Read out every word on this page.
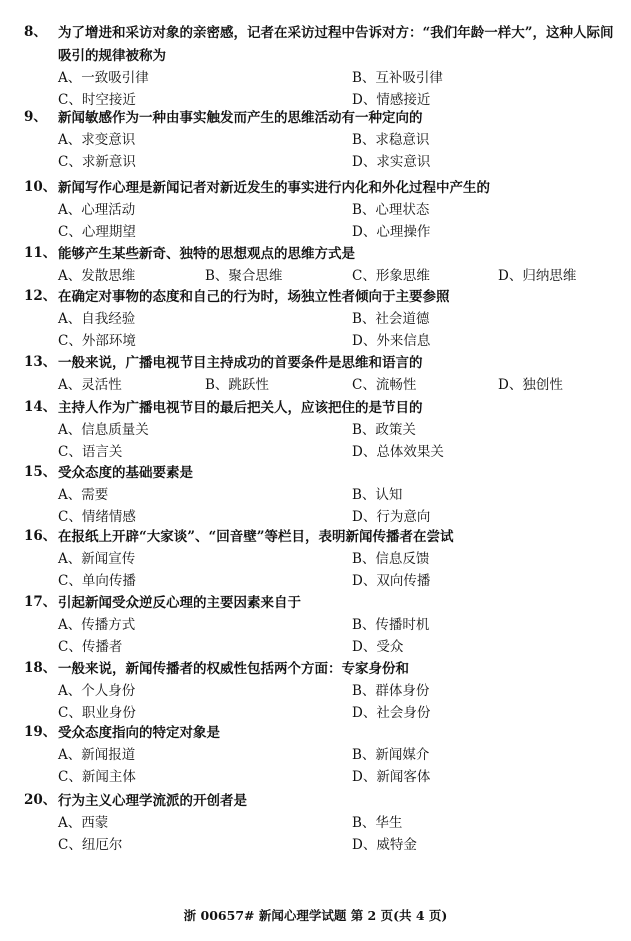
8、 为了增进和采访对象的亲密感，记者在采访过程中告诉对方：“我们年龄一样大”，这种人际间吸引的规律被称为
A、一致吸引律	B、互补吸引律
C、时空接近	D、情感接近
9、 新闻敏感作为一种由事实触发而产生的思维活动有一种定向的
A、求变意识	B、求稳意识
C、求新意识	D、求实意识
10、 新闻写作心理是新闻记者对新近发生的事实进行内化和外化过程中产生的
A、心理活动	B、心理状态
C、心理期望	D、心理操作
11、 能够产生某些新奇、独特的思想观点的思维方式是
A、发散思维	B、聚合思维	C、形象思维	D、归纳思维
12、 在确定对事物的态度和自己的行为时，场独立性者倾向于主要参照
A、自我经验	B、社会道德
C、外部环境	D、外来信息
13、 一般来说，广播电视节目主持成功的首要条件是思维和语言的
A、灵活性	B、跳跃性	C、流畅性	D、独创性
14、 主持人作为广播电视节目的最后把关人，应该把住的是节目的
A、信息质量关	B、政策关
C、语言关	D、总体效果关
15、 受众态度的基础要素是
A、需要	B、认知
C、情绪情感	D、行为意向
16、 在报纸上开辟“大家谈”、“回音壁”等栏目，表明新闻传播者在尝试
A、新闻宣传	B、信息反馈
C、单向传播	D、双向传播
17、 引起新闻受众逆反心理的主要因素来自于
A、传播方式	B、传播时机
C、传播者	D、受众
18、 一般来说，新闻传播者的权威性包括两个方面：专家身份和
A、个人身份	B、群体身份
C、职业身份	D、社会身份
19、 受众态度指向的特定对象是
A、新闻报道	B、新闻媒介
C、新闻主体	D、新闻客体
20、 行为主义心理学流派的开创者是
A、西蒙	B、华生
C、纽厄尔	D、威特金
浙 00657# 新闻心理学试题 第 2 页(共 4 页)
